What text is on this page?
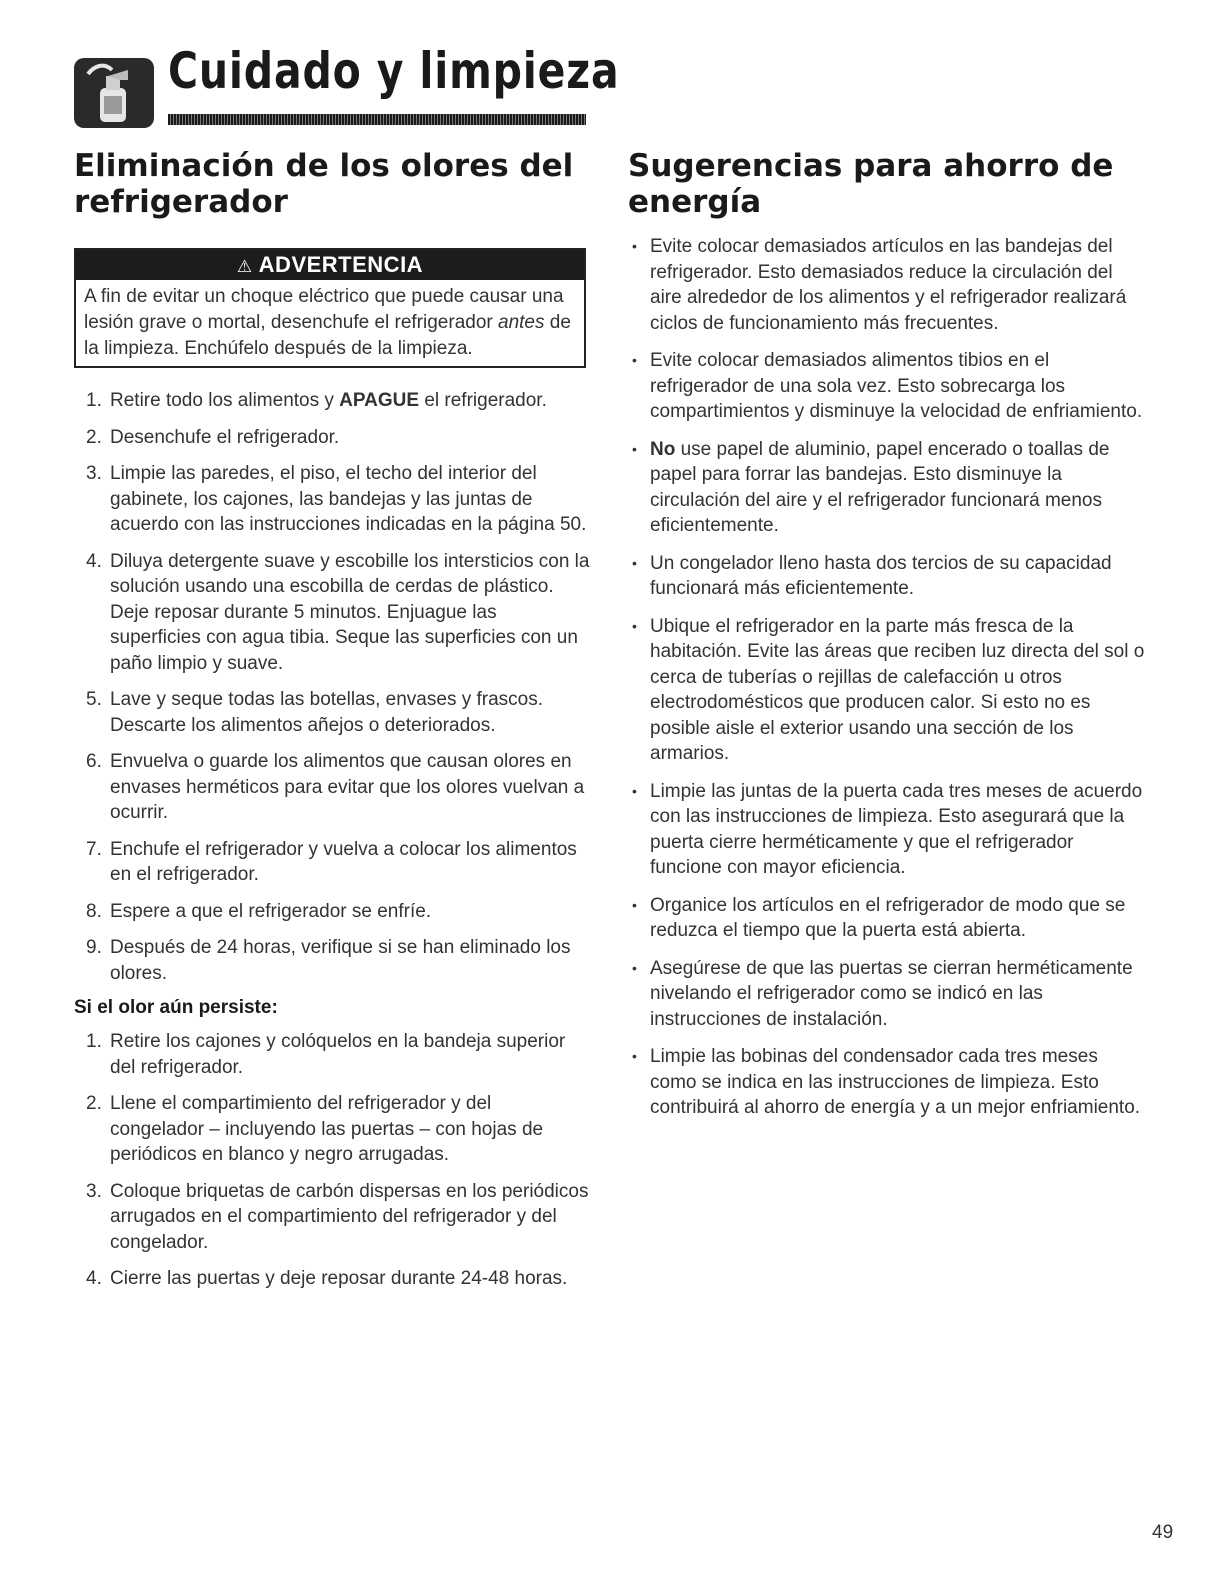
Cuidado y limpieza
Eliminación de los olores del refrigerador
⚠ ADVERTENCIA
A fin de evitar un choque eléctrico que puede causar una lesión grave o mortal, desenchufe el refrigerador antes de la limpieza. Enchúfelo después de la limpieza.
1. Retire todo los alimentos y APAGUE el refrigerador.
2. Desenchufe el refrigerador.
3. Limpie las paredes, el piso, el techo del interior del gabinete, los cajones, las bandejas y las juntas de acuerdo con las instrucciones indicadas en la página 50.
4. Diluya detergente suave y escobille los intersticios con la solución usando una escobilla de cerdas de plástico. Deje reposar durante 5 minutos. Enjuague las superficies con agua tibia. Seque las superficies con un paño limpio y suave.
5. Lave y seque todas las botellas, envases y frascos. Descarte los alimentos añejos o deteriorados.
6. Envuelva o guarde los alimentos que causan olores en envases herméticos para evitar que los olores vuelvan a ocurrir.
7. Enchufe el refrigerador y vuelva a colocar los alimentos en el refrigerador.
8. Espere a que el refrigerador se enfríe.
9. Después de 24 horas, verifique si se han eliminado los olores.
Si el olor aún persiste:
1. Retire los cajones y colóquelos en la bandeja superior del refrigerador.
2. Llene el compartimiento del refrigerador y del congelador – incluyendo las puertas – con hojas de periódicos en blanco y negro arrugadas.
3. Coloque briquetas de carbón dispersas en los periódicos arrugados en el compartimiento del refrigerador y del congelador.
4. Cierre las puertas y deje reposar durante 24-48 horas.
Sugerencias para ahorro de energía
• Evite colocar demasiados artículos en las bandejas del refrigerador. Esto demasiados reduce la circulación del aire alrededor de los alimentos y el refrigerador realizará ciclos de funcionamiento más frecuentes.
• Evite colocar demasiados alimentos tibios en el refrigerador de una sola vez. Esto sobrecarga los compartimientos y disminuye la velocidad de enfriamiento.
• No use papel de aluminio, papel encerado o toallas de papel para forrar las bandejas. Esto disminuye la circulación del aire y el refrigerador funcionará menos eficientemente.
• Un congelador lleno hasta dos tercios de su capacidad funcionará más eficientemente.
• Ubique el refrigerador en la parte más fresca de la habitación. Evite las áreas que reciben luz directa del sol o cerca de tuberías o rejillas de calefacción u otros electrodomésticos que producen calor. Si esto no es posible aisle el exterior usando una sección de los armarios.
• Limpie las juntas de la puerta cada tres meses de acuerdo con las instrucciones de limpieza. Esto asegurará que la puerta cierre herméticamente y que el refrigerador funcione con mayor eficiencia.
• Organice los artículos en el refrigerador de modo que se reduzca el tiempo que la puerta está abierta.
• Asegúrese de que las puertas se cierran herméticamente nivelando el refrigerador como se indicó en las instrucciones de instalación.
• Limpie las bobinas del condensador cada tres meses como se indica en las instrucciones de limpieza. Esto contribuirá al ahorro de energía y a un mejor enfriamiento.
49
